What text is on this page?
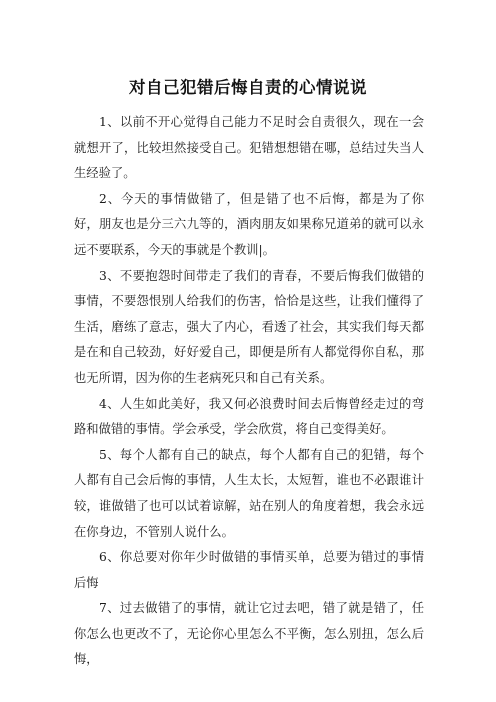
对自己犯错后悔自责的心情说说

1、以前不开心觉得自己能力不足时会自责很久，现在一会就想开了，比较坦然接受自己。犯错想想错在哪，总结过失当人生经验了。

2、今天的事情做错了，但是错了也不后悔，都是为了你好，朋友也是分三六九等的，酒肉朋友如果称兄道弟的就可以永远不要联系，今天的事就是个教训|。

3、不要抱怨时间带走了我们的青春，不要后悔我们做错的事情，不要怨恨别人给我们的伤害，恰恰是这些，让我们懂得了生活，磨练了意志，强大了内心，看透了社会，其实我们每天都是在和自己较劲，好好爱自己，即便是所有人都觉得你自私，那也无所谓，因为你的生老病死只和自己有关系。

4、人生如此美好，我又何必浪费时间去后悔曾经走过的弯路和做错的事情。学会承受，学会欣赏，将自己变得美好。

5、每个人都有自己的缺点，每个人都有自己的犯错，每个人都有自己会后悔的事情，人生太长，太短暂，谁也不必跟谁计较，谁做错了也可以试着谅解，站在别人的角度着想，我会永远在你身边，不管别人说什么。

6、你总要对你年少时做错的事情买单，总要为错过的事情后悔

7、过去做错了的事情，就让它过去吧，错了就是错了，任你怎么也更改不了，无论你心里怎么不平衡，怎么别扭，怎么后悔，
